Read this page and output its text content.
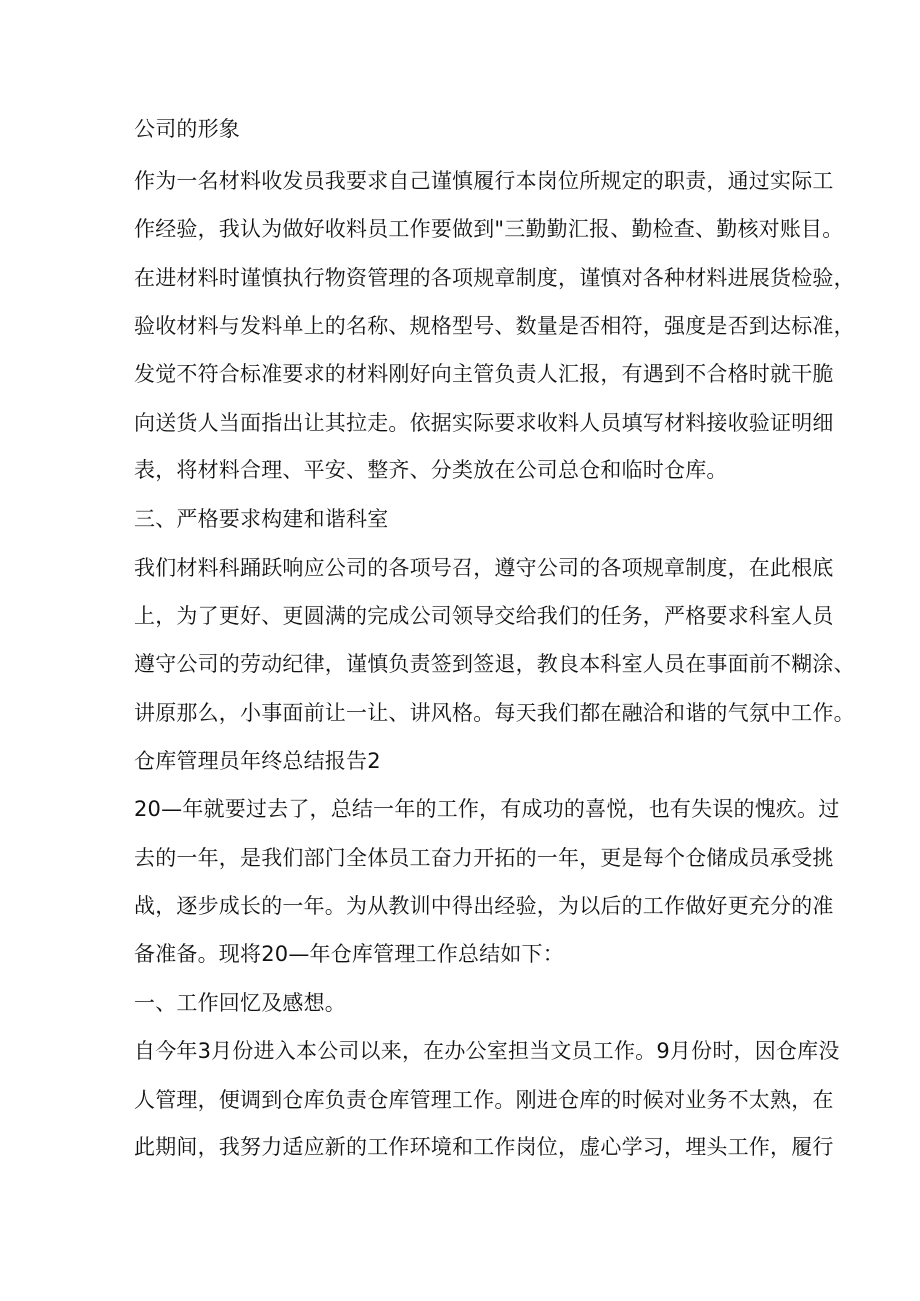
公司的形象
作为一名材料收发员我要求自己谨慎履行本岗位所规定的职责，通过实际工
作经验，我认为做好收料员工作要做到"三勤勤汇报、勤检查、勤核对账目。
在进材料时谨慎执行物资管理的各项规章制度，谨慎对各种材料进展货检验，
验收材料与发料单上的名称、规格型号、数量是否相符，强度是否到达标准，
发觉不符合标准要求的材料刚好向主管负责人汇报，有遇到不合格时就干脆
向送货人当面指出让其拉走。依据实际要求收料人员填写材料接收验证明细
表，将材料合理、平安、整齐、分类放在公司总仓和临时仓库。
三、严格要求构建和谐科室
我们材料科踊跃响应公司的各项号召，遵守公司的各项规章制度，在此根底
上，为了更好、更圆满的完成公司领导交给我们的任务，严格要求科室人员
遵守公司的劳动纪律，谨慎负责签到签退，教良本科室人员在事面前不糊涂、
讲原那么，小事面前让一让、讲风格。每天我们都在融洽和谐的气氛中工作。
仓库管理员年终总结报告2
20—年就要过去了，总结一年的工作，有成功的喜悦，也有失误的愧疚。过
去的一年，是我们部门全体员工奋力开拓的一年，更是每个仓储成员承受挑
战，逐步成长的一年。为从教训中得出经验，为以后的工作做好更充分的准
备准备。现将20—年仓库管理工作总结如下：
一、工作回忆及感想。
自今年3月份进入本公司以来，在办公室担当文员工作。9月份时，因仓库没
人管理，便调到仓库负责仓库管理工作。刚进仓库的时候对业务不太熟，在
此期间，我努力适应新的工作环境和工作岗位，虚心学习，埋头工作，履行
